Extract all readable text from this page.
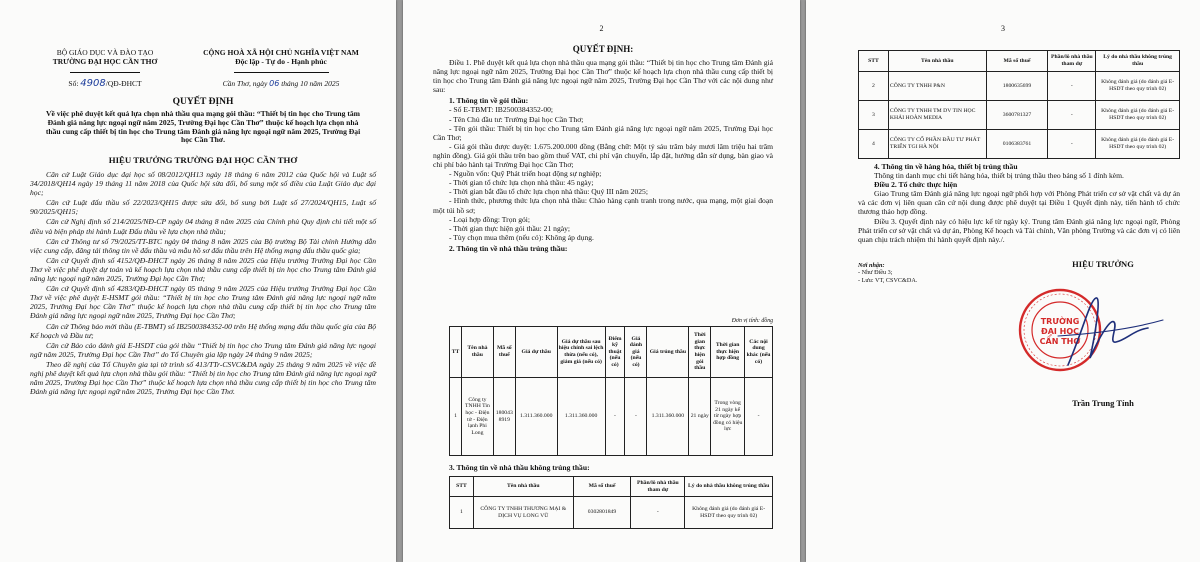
BỘ GIÁO DỤC VÀ ĐÀO TẠO
TRƯỜNG ĐẠI HỌC CẦN THƠ
Số: 4908/QĐ-ĐHCT
CỘNG HOÀ XÃ HỘI CHỦ NGHĨA VIỆT NAM
Độc lập - Tự do - Hạnh phúc
Cần Thơ, ngày 06 tháng 10 năm 2025
QUYẾT ĐỊNH
Về việc phê duyệt kết quả lựa chọn nhà thầu qua mạng gói thầu: “Thiết bị tin học cho Trung tâm Đánh giá năng lực ngoại ngữ năm 2025, Trường Đại học Cần Thơ” thuộc kế hoạch lựa chọn nhà thầu cung cấp thiết bị tin học cho Trung tâm Đánh giá năng lực ngoại ngữ năm 2025, Trường Đại học Cần Thơ.
HIỆU TRƯỞNG TRƯỜNG ĐẠI HỌC CẦN THƠ

Căn cứ Luật Giáo dục đại học số 08/2012/QH13 ngày 18 tháng 6 năm 2012 của Quốc hội và Luật số 34/2018/QH14 ngày 19 tháng 11 năm 2018 của Quốc hội sửa đổi, bổ sung một số điều của Luật Giáo dục đại học;

Căn cứ Luật đấu thầu số 22/2023/QH15 được sửa đổi, bổ sung bởi Luật số 27/2024/QH15, Luật số 90/2025/QH15;

Căn cứ Nghị định số 214/2025/NĐ-CP ngày 04 tháng 8 năm 2025 của Chính phủ Quy định chi tiết một số điều và biện pháp thi hành Luật Đấu thầu về lựa chọn nhà thầu;

Căn cứ Thông tư số 79/2025/TT-BTC ngày 04 tháng 8 năm 2025 của Bộ trưởng Bộ Tài chính Hướng dẫn việc cung cấp, đăng tải thông tin về đấu thầu và mẫu hồ sơ đấu thầu trên Hệ thống mạng đấu thầu quốc gia;

Căn cứ Quyết định số 4152/QĐ-ĐHCT ngày 26 tháng 8 năm 2025 của Hiệu trưởng Trường Đại học Cần Thơ về việc phê duyệt dự toán và kế hoạch lựa chọn nhà thầu cung cấp thiết bị tin học cho Trung tâm Đánh giá năng lực ngoại ngữ năm 2025, Trường Đại học Cần Thơ;

Căn cứ Quyết định số 4283/QĐ-ĐHCT ngày 05 tháng 9 năm 2025 của Hiệu trưởng Trường Đại học Cần Thơ về việc phê duyệt E-HSMT gói thầu: “Thiết bị tin học cho Trung tâm Đánh giá năng lực ngoại ngữ năm 2025, Trường Đại học Cần Thơ” thuộc kế hoạch lựa chọn nhà thầu cung cấp thiết bị tin học cho Trung tâm Đánh giá năng lực ngoại ngữ năm 2025, Trường Đại học Cần Thơ;

Căn cứ Thông báo mời thầu (E-TBMT) số IB2500384352-00 trên Hệ thống mạng đấu thầu quốc gia của Bộ Kế hoạch và Đầu tư;

Căn cứ Báo cáo đánh giá E-HSDT của gói thầu “Thiết bị tin học cho Trung tâm Đánh giá năng lực ngoại ngữ năm 2025, Trường Đại học Cần Thơ” do Tổ Chuyên gia lập ngày 24 tháng 9 năm 2025;

Theo đề nghị của Tổ Chuyên gia tại tờ trình số 413/TTr-CSVC&DA ngày 25 tháng 9 năm 2025 về việc đề nghị phê duyệt kết quả lựa chọn nhà thầu gói thầu: “Thiết bị tin học cho Trung tâm Đánh giá năng lực ngoại ngữ năm 2025, Trường Đại học Cần Thơ” thuộc kế hoạch lựa chọn nhà thầu cung cấp thiết bị tin học cho Trung tâm Đánh giá năng lực ngoại ngữ năm 2025, Trường Đại học Cần Thơ.

2
QUYẾT ĐỊNH:

Điều 1. Phê duyệt kết quả lựa chọn nhà thầu qua mạng gói thầu: “Thiết bị tin học cho Trung tâm Đánh giá năng lực ngoại ngữ năm 2025, Trường Đại học Cần Thơ” thuộc kế hoạch lựa chọn nhà thầu cung cấp thiết bị tin học cho Trung tâm Đánh giá năng lực ngoại ngữ năm 2025, Trường Đại học Cần Thơ với các nội dung như sau:

1. Thông tin về gói thầu:

- Số E-TBMT: IB2500384352-00;

- Tên Chủ đầu tư: Trường Đại học Cần Thơ;

- Tên gói thầu: Thiết bị tin học cho Trung tâm Đánh giá năng lực ngoại ngữ năm 2025, Trường Đại học Cần Thơ;

- Giá gói thầu được duyệt: 1.675.200.000 đồng (Bằng chữ: Một tỷ sáu trăm bảy mươi lăm triệu hai trăm nghìn đồng). Giá gói thầu trên bao gồm thuế VAT, chi phí vận chuyển, lắp đặt, hướng dẫn sử dụng, bàn giao và chi phí bảo hành tại Trường Đại học Cần Thơ;

- Nguồn vốn: Quỹ Phát triển hoạt động sự nghiệp;

- Thời gian tổ chức lựa chọn nhà thầu: 45 ngày;

- Thời gian bắt đầu tổ chức lựa chọn nhà thầu: Quý III năm 2025;

- Hình thức, phương thức lựa chọn nhà thầu: Chào hàng cạnh tranh trong nước, qua mạng, một giai đoạn một túi hồ sơ;

- Loại hợp đồng: Trọn gói;

- Thời gian thực hiện gói thầu: 21 ngày;

- Tùy chọn mua thêm (nếu có): Không áp dụng.

2. Thông tin về nhà thầu trúng thầu:

Đơn vị tính: đồng
TT	Tên nhà thầu	Mã số thuế	Giá dự thầu	Giá dự thầu sau hiệu chỉnh sai lệch thừa (nếu có), giảm giá (nếu có)	Điểm kỹ thuật (nếu có)	Giá đánh giá (nếu có)	Giá trúng thầu	Thời gian thực hiện gói thầu	Thời gian thực hiện hợp đồng	Các nội dung khác (nếu có)
1	Công ty TNHH Tin học - Điện tử - Điện lạnh Phi Long	1800438919	1.311.360.000	1.311.360.000	-	-	1.311.360.000	21 ngày	Trong vòng 21 ngày kể từ ngày hợp đồng có hiệu lực	-
3. Thông tin về nhà thầu không trúng thầu:
STT	Tên nhà thầu	Mã số thuế	Phần/lô nhà thầu tham dự	Lý do nhà thầu không trúng thầu
1	CÔNG TY TNHH THƯƠNG MẠI & DỊCH VỤ LONG VŨ	0302801849	-	Không đánh giá (do đánh giá E-HSDT theo quy trình 02)
3
STT	Tên nhà thầu	Mã số thuế	Phần/lô nhà thầu tham dự	Lý do nhà thầu không trúng thầu
2	CÔNG TY TNHH P&N	1800635699	-	Không đánh giá (do đánh giá E-HSDT theo quy trình 02)
3	CÔNG TY TNHH TM DV TIN HỌC KHẢI HOÀN MEDIA	3600781327	-	Không đánh giá (do đánh giá E-HSDT theo quy trình 02)
4	CÔNG TY CỔ PHẦN ĐẦU TƯ PHÁT TRIỂN TGI HÀ NỘI	0106383761	-	Không đánh giá (do đánh giá E-HSDT theo quy trình 02)

4. Thông tin về hàng hóa, thiết bị trúng thầu

Thông tin danh mục chi tiết hàng hóa, thiết bị trúng thầu theo bảng số 1 đính kèm.

Điều 2. Tổ chức thực hiện

Giao Trung tâm Đánh giá năng lực ngoại ngữ phối hợp với Phòng Phát triển cơ sở vật chất và dự án và các đơn vị liên quan căn cứ nội dung được phê duyệt tại Điều 1 Quyết định này, tiến hành tổ chức thương thảo hợp đồng.

Điều 3. Quyết định này có hiệu lực kể từ ngày ký. Trung tâm Đánh giá năng lực ngoại ngữ, Phòng Phát triển cơ sở vật chất và dự án, Phòng Kế hoạch và Tài chính, Văn phòng Trường và các đơn vị có liên quan chịu trách nhiệm thi hành quyết định này./.

Nơi nhận:
- Như Điều 3;
- Lưu: VT, CSVC&DA.
HIỆU TRƯỞNG
TRƯỜNG
ĐẠI HỌC
CẦN THƠ
Trần Trung Tính
